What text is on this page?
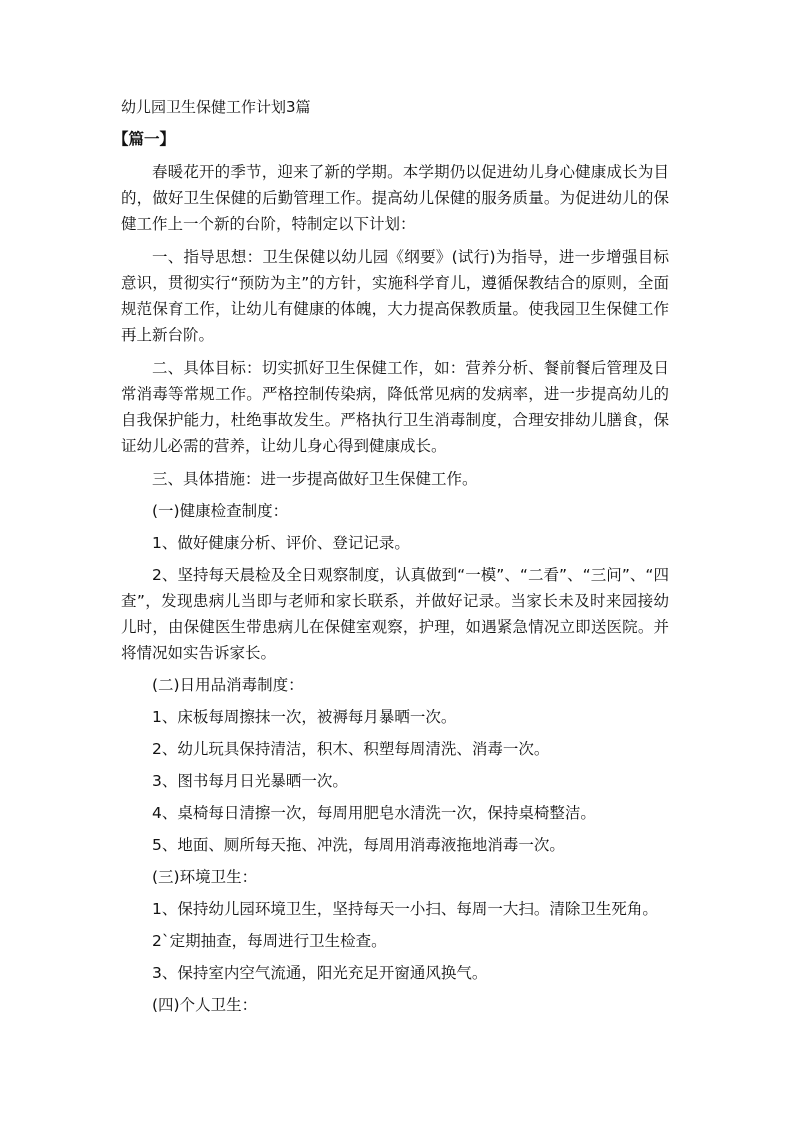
幼儿园卫生保健工作计划3篇
【篇一】

春暖花开的季节，迎来了新的学期。本学期仍以促进幼儿身心健康成长为目的，做好卫生保健的后勤管理工作。提高幼儿保健的服务质量。为促进幼儿的保健工作上一个新的台阶，特制定以下计划：

一、指导思想：卫生保健以幼儿园《纲要》(试行)为指导，进一步增强目标意识，贯彻实行“预防为主”的方针，实施科学育儿，遵循保教结合的原则，全面规范保育工作，让幼儿有健康的体魄，大力提高保教质量。使我园卫生保健工作再上新台阶。

二、具体目标：切实抓好卫生保健工作，如：营养分析、餐前餐后管理及日常消毒等常规工作。严格控制传染病，降低常见病的发病率，进一步提高幼儿的自我保护能力，杜绝事故发生。严格执行卫生消毒制度，合理安排幼儿膳食，保证幼儿必需的营养，让幼儿身心得到健康成长。

三、具体措施：进一步提高做好卫生保健工作。

(一)健康检查制度：

1、做好健康分析、评价、登记记录。

2、坚持每天晨检及全日观察制度，认真做到“一模”、“二看”、“三问”、“四查”，发现患病儿当即与老师和家长联系，并做好记录。当家长未及时来园接幼儿时，由保健医生带患病儿在保健室观察，护理，如遇紧急情况立即送医院。并将情况如实告诉家长。

(二)日用品消毒制度：

1、床板每周擦抹一次，被褥每月暴晒一次。

2、幼儿玩具保持清洁，积木、积塑每周清洗、消毒一次。

3、图书每月日光暴晒一次。

4、桌椅每日清擦一次，每周用肥皂水清洗一次，保持桌椅整洁。

5、地面、厕所每天拖、冲洗，每周用消毒液拖地消毒一次。

(三)环境卫生：

1、保持幼儿园环境卫生，坚持每天一小扫、每周一大扫。清除卫生死角。

2`定期抽查，每周进行卫生检查。

3、保持室内空气流通，阳光充足开窗通风换气。

(四)个人卫生：
